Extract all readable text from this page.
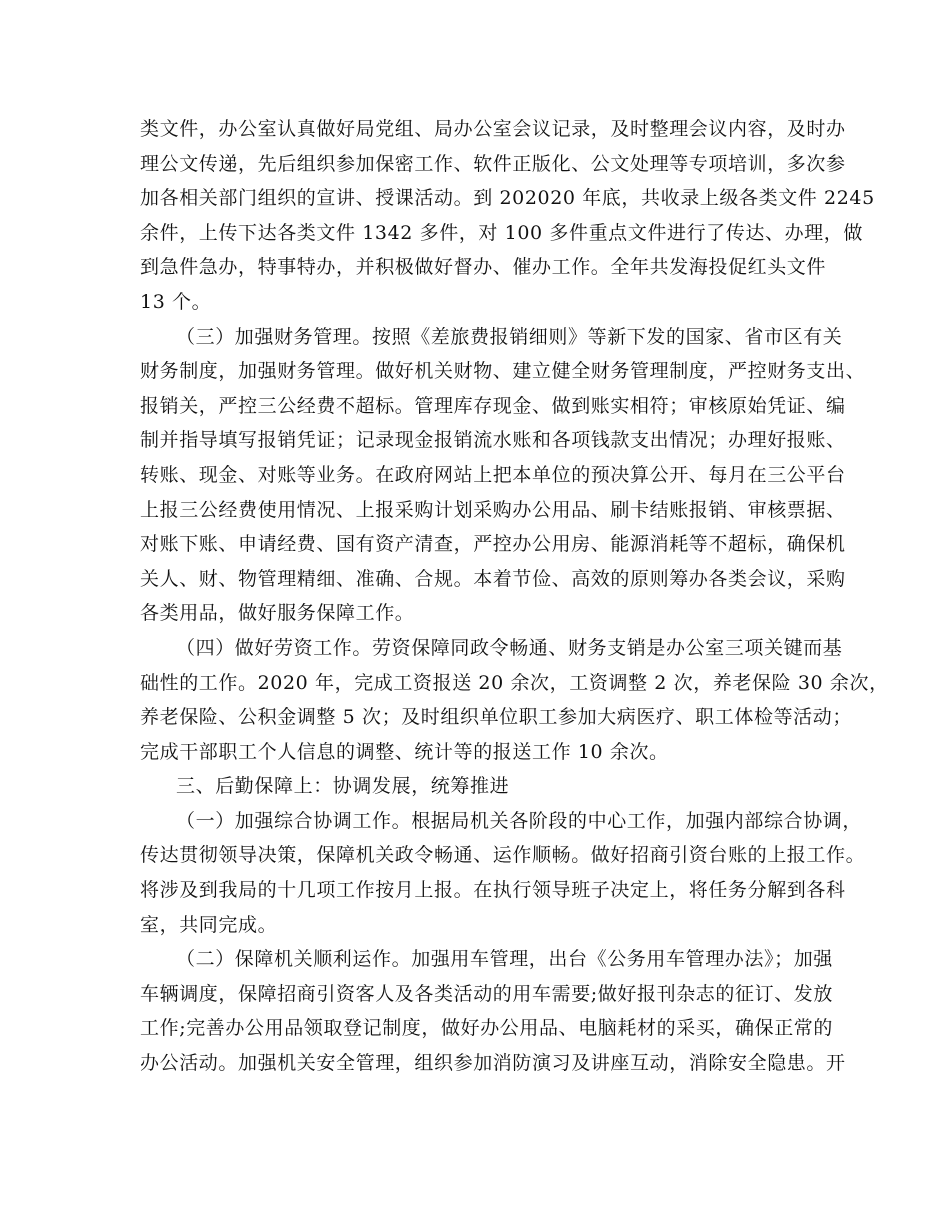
类文件，办公室认真做好局党组、局办公室会议记录，及时整理会议内容，及时办
理公文传递，先后组织参加保密工作、软件正版化、公文处理等专项培训，多次参
加各相关部门组织的宣讲、授课活动。到 202020 年底，共收录上级各类文件 2245
余件，上传下达各类文件 1342 多件，对 100 多件重点文件进行了传达、办理，做
到急件急办，特事特办，并积极做好督办、催办工作。全年共发海投促红头文件
13 个。
（三）加强财务管理。按照《差旅费报销细则》等新下发的国家、省市区有关
财务制度，加强财务管理。做好机关财物、建立健全财务管理制度，严控财务支出、
报销关，严控三公经费不超标。管理库存现金、做到账实相符；审核原始凭证、编
制并指导填写报销凭证；记录现金报销流水账和各项钱款支出情况；办理好报账、
转账、现金、对账等业务。在政府网站上把本单位的预决算公开、每月在三公平台
上报三公经费使用情况、上报采购计划采购办公用品、刷卡结账报销、审核票据、
对账下账、申请经费、国有资产清查，严控办公用房、能源消耗等不超标，确保机
关人、财、物管理精细、准确、合规。本着节俭、高效的原则筹办各类会议，采购
各类用品，做好服务保障工作。
（四）做好劳资工作。劳资保障同政令畅通、财务支销是办公室三项关键而基
础性的工作。2020 年，完成工资报送 20 余次，工资调整 2 次，养老保险 30 余次，
养老保险、公积金调整 5 次；及时组织单位职工参加大病医疗、职工体检等活动；
完成干部职工个人信息的调整、统计等的报送工作 10 余次。
三、后勤保障上：协调发展，统筹推进
（一）加强综合协调工作。根据局机关各阶段的中心工作，加强内部综合协调，
传达贯彻领导决策，保障机关政令畅通、运作顺畅。做好招商引资台账的上报工作。
将涉及到我局的十几项工作按月上报。在执行领导班子决定上，将任务分解到各科
室，共同完成。
（二）保障机关顺利运作。加强用车管理，出台《公务用车管理办法》；加强
车辆调度，保障招商引资客人及各类活动的用车需要;做好报刊杂志的征订、发放
工作;完善办公用品领取登记制度，做好办公用品、电脑耗材的采买，确保正常的
办公活动。加强机关安全管理，组织参加消防演习及讲座互动，消除安全隐患。开
